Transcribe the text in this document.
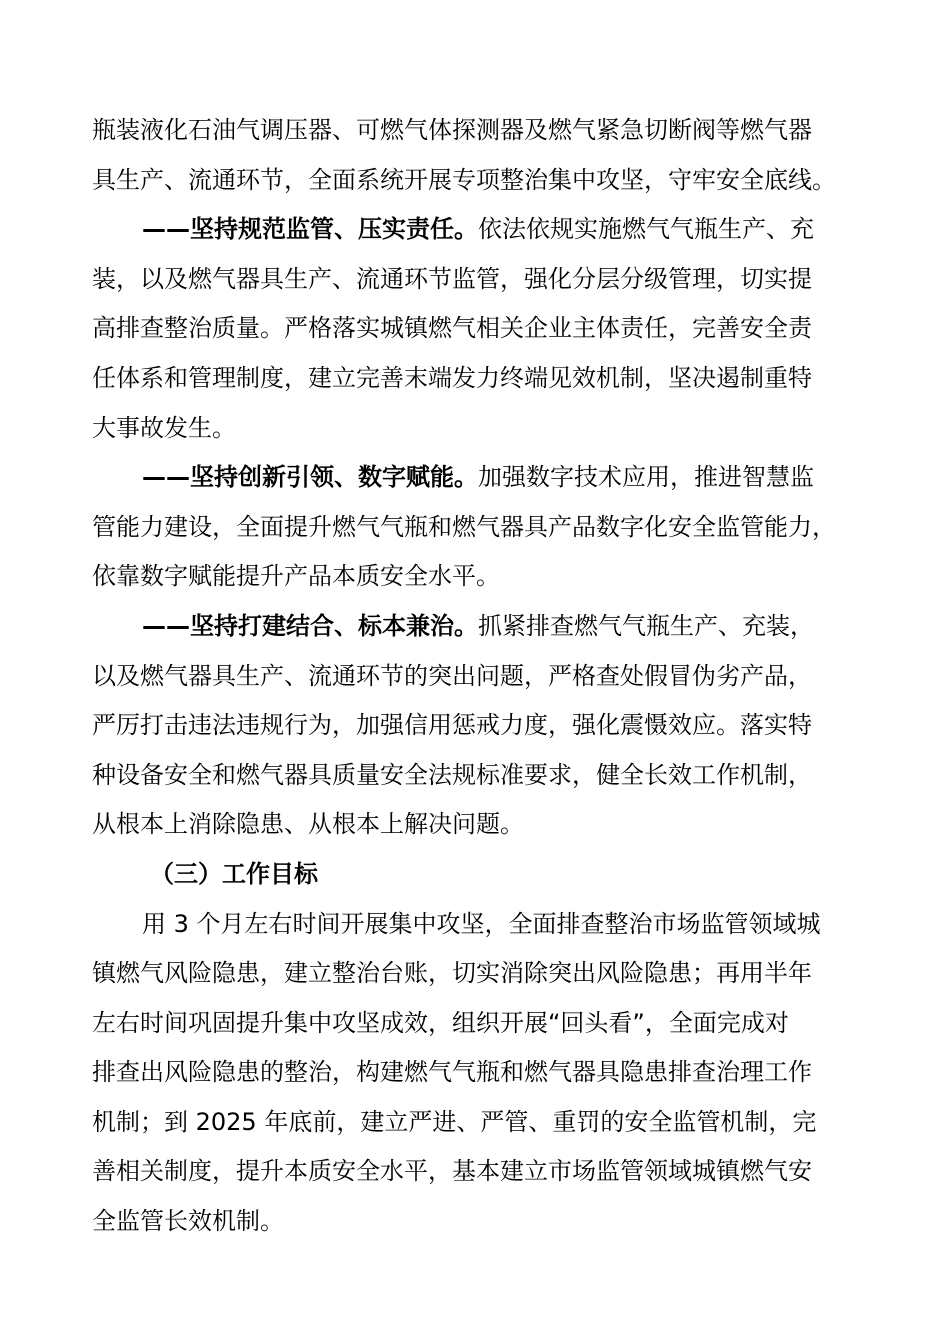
瓶装液化石油气调压器、可燃气体探测器及燃气紧急切断阀等燃气器
具生产、流通环节，全面系统开展专项整治集中攻坚，守牢安全底线。
——坚持规范监管、压实责任。依法依规实施燃气气瓶生产、充
装，以及燃气器具生产、流通环节监管，强化分层分级管理，切实提
高排查整治质量。严格落实城镇燃气相关企业主体责任，完善安全责
任体系和管理制度，建立完善末端发力终端见效机制，坚决遏制重特
大事故发生。
——坚持创新引领、数字赋能。加强数字技术应用，推进智慧监
管能力建设，全面提升燃气气瓶和燃气器具产品数字化安全监管能力，
依靠数字赋能提升产品本质安全水平。
——坚持打建结合、标本兼治。抓紧排查燃气气瓶生产、充装，
以及燃气器具生产、流通环节的突出问题，严格查处假冒伪劣产品，
严厉打击违法违规行为，加强信用惩戒力度，强化震慑效应。落实特
种设备安全和燃气器具质量安全法规标准要求，健全长效工作机制，
从根本上消除隐患、从根本上解决问题。
（三）工作目标
用 3 个月左右时间开展集中攻坚，全面排查整治市场监管领域城
镇燃气风险隐患，建立整治台账，切实消除突出风险隐患；再用半年
左右时间巩固提升集中攻坚成效，组织开展“回头看”，全面完成对
排查出风险隐患的整治，构建燃气气瓶和燃气器具隐患排查治理工作
机制；到 2025 年底前，建立严进、严管、重罚的安全监管机制，完
善相关制度，提升本质安全水平，基本建立市场监管领域城镇燃气安
全监管长效机制。
